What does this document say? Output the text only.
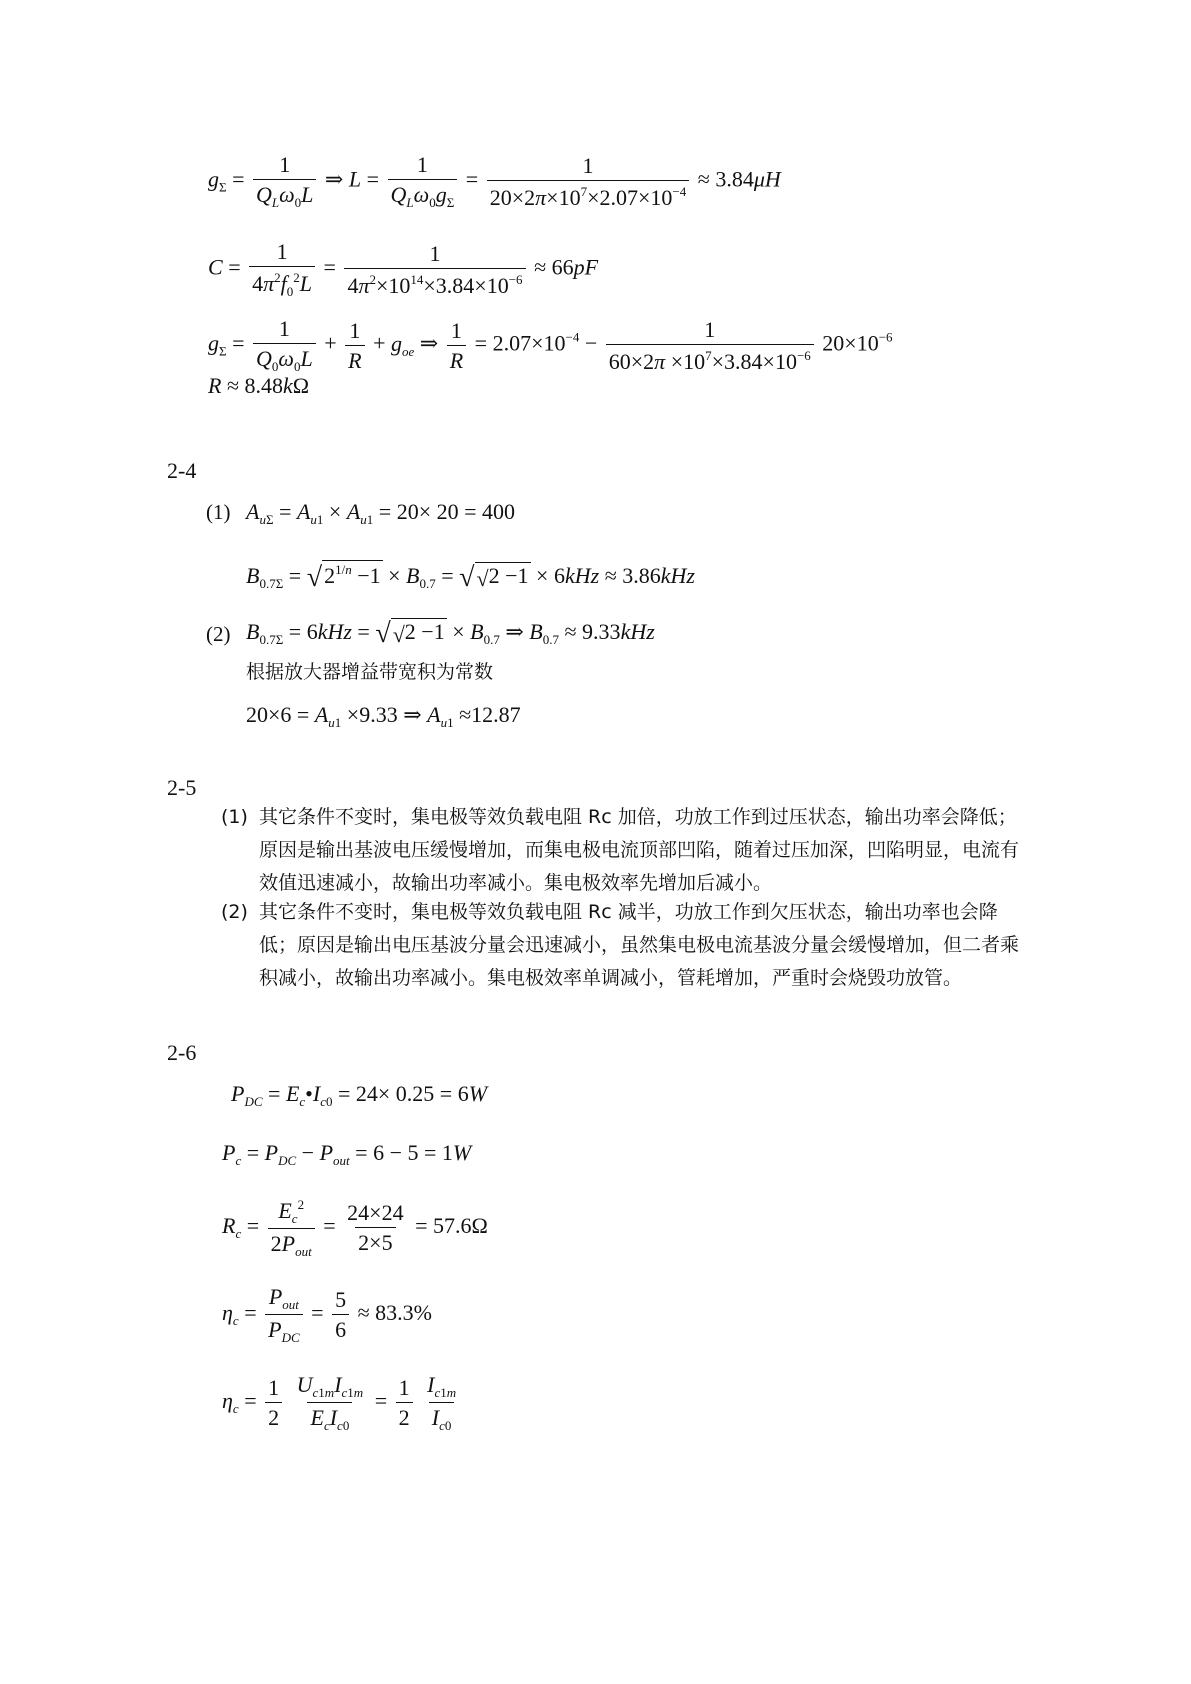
$g_\Sigma = \frac{1}{Q_L\omega_0L}$ ⇒ $L = \frac{1}{Q_L\omega_0g_\Sigma} = \frac{1}{20\times 2\pi\times 10^7\times 2.07\times 10^{-4}} \approx 3.84\mu H$
$C = \frac{1}{4\pi^2f_0^2L} = \frac{1}{4\pi^2\times 10^{14}\times 3.84\times 10^{-6}} \approx 66pF$
$g_\Sigma = \frac{1}{Q_0\omega_0L} + \frac{1}{R} + g_{oe}$ ⇒ $\frac{1}{R} = 2.07\times 10^{-4} - \frac{1}{60\times 2\pi \times 10^7\times 3.84\times 10^{-6}} 20\times 10^{-6}$
R ≈ 8.48kΩ
2-4
(1) $A_{u\Sigma} = A_{u1} \times A_{u1} = 20\times 20 = 400$
$B_{0.7\Sigma} = √2^{1/n} -1 \times B_{0.7} = √√2 -1 \times 6kHz \approx 3.86kHz$
(2) $B_{0.7\Sigma} = 6kHz = √√2 -1 \times B_{0.7}$ ⇒ $B_{0.7} \approx 9.33kHz$
根据放大器增益带宽积为常数
$20\times 6 = A_{u1} \times 9.33$ ⇒ $A_{u1} \approx 12.87$
2-5
(1) 其它条件不变时，集电极等效负载电阻 Rc 加倍，功放工作到过压状态，输出功率会降低；原因是输出基波电压缓慢增加，而集电极电流顶部凹陷，随着过压加深，凹陷明显，电流有效值迅速减小，故输出功率减小。集电极效率先增加后减小。
(2) 其它条件不变时，集电极等效负载电阻 Rc 减半，功放工作到欠压状态，输出功率也会降低；原因是输出电压基波分量会迅速减小，虽然集电极电流基波分量会缓慢增加，但二者乘积减小，故输出功率减小。集电极效率单调减小，管耗增加，严重时会烧毁功放管。
2-6
$P_{DC}$ = $E_c•I_{c0} = 24\times 0.25 = 6W$
$P_c = P_{DC} - P_{out} = 6 - 5 = 1W$
$R_c = \frac{E_c^2}{2P_{out}} = \frac{24\times 24}{2\times 5} = 57.6\Omega$
$\eta_c = \frac{P_{out}}{P_{DC}} = \frac{5}{6} \approx 83.3\%$
$\eta_c = \frac{1}{2}$
$\frac{U_{c1m}I_{c1m}}{E_cI_{c0}} = \frac{1}{2}$
$\frac{I_{c1m}}{I_{c0}}$
